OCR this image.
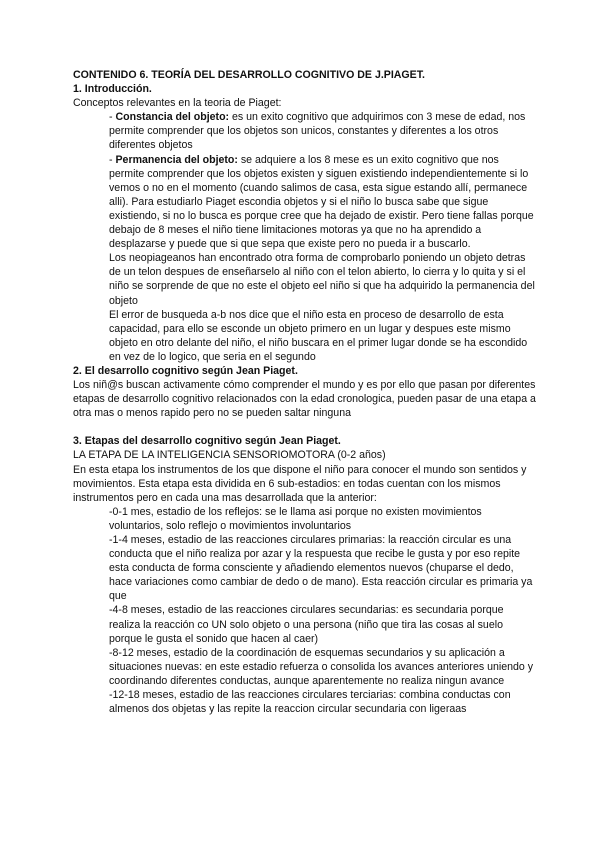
CONTENIDO 6. TEORÍA DEL DESARROLLO COGNITIVO DE J.PIAGET.

1. Introducción.

Conceptos relevantes en la teoria de Piaget:

- Constancia del objeto: es un exito cognitivo que adquirimos con 3 mese de edad, nos permite comprender que los objetos son unicos, constantes y diferentes a los otros diferentes objetos

- Permanencia del objeto: se adquiere a los 8 mese es un exito cognitivo que nos permite comprender que los objetos existen y siguen existiendo independientemente si lo vemos o no en el momento (cuando salimos de casa, esta sigue estando allí, permanece alli). Para estudiarlo Piaget escondia objetos y si el niño lo busca sabe que sigue existiendo, si no lo busca es porque cree que ha dejado de existir. Pero tiene fallas porque debajo de 8 meses el niño tiene limitaciones motoras ya que no ha aprendido a desplazarse y puede que si que sepa que existe pero no pueda ir a buscarlo.

Los neopiageanos han encontrado otra forma de comprobarlo poniendo un objeto detras de un telon despues de enseñarselo al niño con el telon abierto, lo cierra y lo quita y si el niño se sorprende de que no este el objeto eel niño si que ha adquirido la permanencia del objeto

El error de busqueda a-b nos dice que el niño esta en proceso de desarrollo de esta capacidad, para ello se esconde un objeto primero en un lugar y despues este mismo objeto en otro delante del niño, el niño buscara en el primer lugar donde se ha escondido en vez de lo logico, que seria en el segundo

2. El desarrollo cognitivo según Jean Piaget.

Los niñ@s buscan activamente cómo comprender el mundo y es por ello que pasan por diferentes etapas de desarrollo cognitivo relacionados con la edad cronologica, pueden pasar de una etapa a otra mas o menos rapido pero no se pueden saltar ninguna

3. Etapas del desarrollo cognitivo según Jean Piaget.

LA ETAPA DE LA INTELIGENCIA SENSORIOMOTORA (0-2 años)

En esta etapa los instrumentos de los que dispone el niño para conocer el mundo son sentidos y movimientos. Esta etapa esta dividida en 6 sub-estadios: en todas cuentan con los mismos instrumentos pero en cada una mas desarrollada que la anterior:

-0-1 mes, estadio de los reflejos: se le llama asi porque no existen movimientos voluntarios, solo reflejo o movimientos involuntarios

-1-4 meses, estadio de las reacciones circulares primarias: la reacción circular es una conducta que el niño realiza por azar y la respuesta que recibe le gusta y por eso repite esta conducta de forma consciente y añadiendo elementos nuevos (chuparse el dedo, hace variaciones como cambiar de dedo o de mano). Esta reacción circular es primaria ya que

-4-8 meses, estadio de las reacciones circulares secundarias: es secundaria porque realiza la reacción co UN solo objeto o una persona (niño que tira las cosas al suelo porque le gusta el sonido que hacen al caer)

-8-12 meses, estadio de la coordinación de esquemas secundarios y su aplicación a situaciones nuevas: en este estadio refuerza o consolida los avances anteriores uniendo y coordinando diferentes conductas, aunque aparentemente no realiza ningun avance

-12-18 meses, estadio de las reacciones circulares terciarias: combina conductas con almenos dos objetas y las repite la reaccion circular secundaria con ligeraas
